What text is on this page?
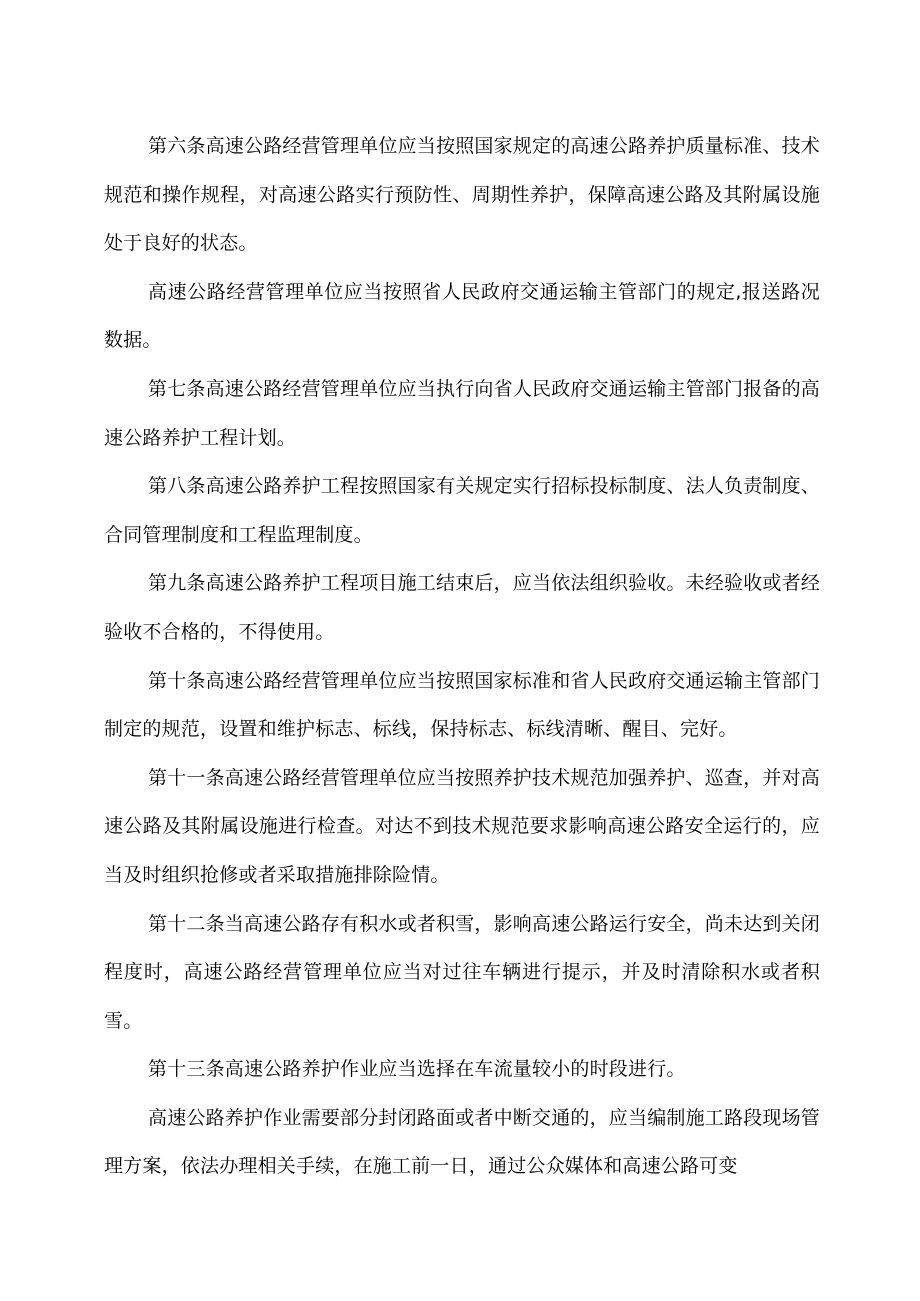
第六条高速公路经营管理单位应当按照国家规定的高速公路养护质量标准、技术规范和操作规程，对高速公路实行预防性、周期性养护，保障高速公路及其附属设施处于良好的状态。

高速公路经营管理单位应当按照省人民政府交通运输主管部门的规定,报送路况数据。

第七条高速公路经营管理单位应当执行向省人民政府交通运输主管部门报备的高速公路养护工程计划。

第八条高速公路养护工程按照国家有关规定实行招标投标制度、法人负责制度、合同管理制度和工程监理制度。

第九条高速公路养护工程项目施工结束后，应当依法组织验收。未经验收或者经验收不合格的，不得使用。

第十条高速公路经营管理单位应当按照国家标准和省人民政府交通运输主管部门制定的规范，设置和维护标志、标线，保持标志、标线清晰、醒目、完好。

第十一条高速公路经营管理单位应当按照养护技术规范加强养护、巡查，并对高速公路及其附属设施进行检查。对达不到技术规范要求影响高速公路安全运行的，应当及时组织抢修或者采取措施排除险情。

第十二条当高速公路存有积水或者积雪，影响高速公路运行安全，尚未达到关闭程度时，高速公路经营管理单位应当对过往车辆进行提示，并及时清除积水或者积雪。

第十三条高速公路养护作业应当选择在车流量较小的时段进行。

高速公路养护作业需要部分封闭路面或者中断交通的，应当编制施工路段现场管理方案，依法办理相关手续，在施工前一日，通过公众媒体和高速公路可变
